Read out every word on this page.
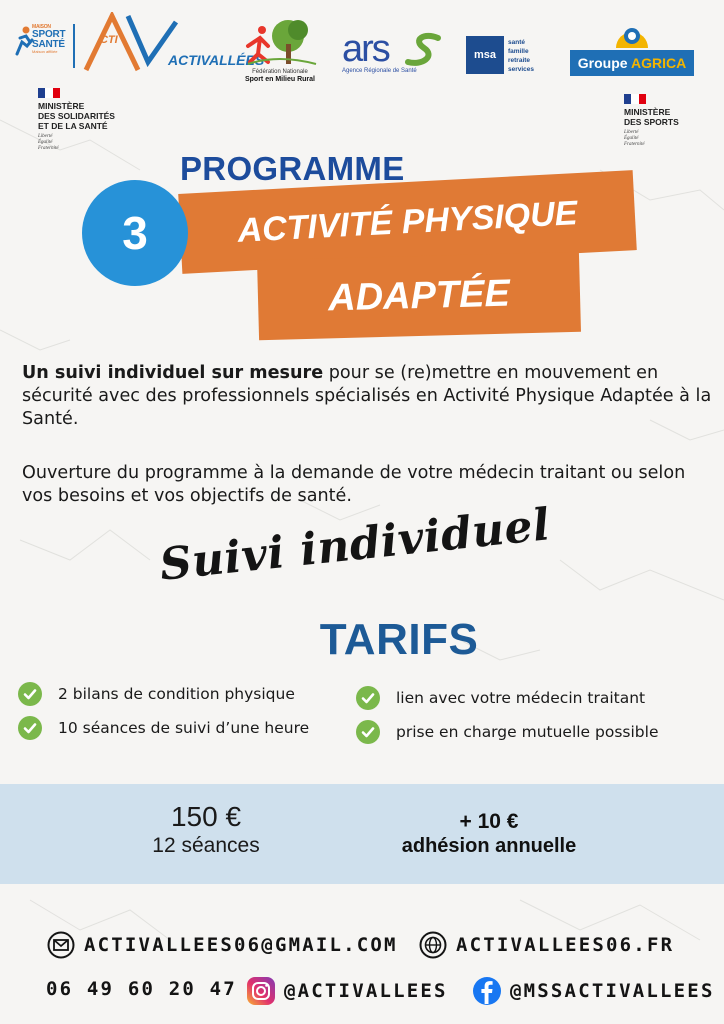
MAISON
SPORT
SANTÉ
Maison affiliée
CTI
ACTIVALLÉES
Fédération Nationale
Sport en Milieu Rural
ars
Agence Régionale de Santé
msa
santé
famille
retraite
services	Groupe AGRICA
MINISTÈRE
DES SOLIDARITÉS
ET DE LA SANTÉ
Liberté
Égalité
Fraternité
MINISTÈRE
DES SPORTS
Liberté
Égalité
Fraternité
PROGRAMME
ACTIVITÉ PHYSIQUE
ADAPTÉE
3
Un suivi individuel sur mesure pour se (re)mettre en mouvement en sécurité avec des professionnels spécialisés en Activité Physique Adaptée à la Santé.
Ouverture du programme à la demande de votre médecin traitant ou selon vos besoins et vos objectifs de santé.
Suivi individuel
TARIFS
2 bilans de condition physique
10 séances de suivi d’une heure
lien avec votre médecin traitant
prise en charge mutuelle possible
150 €
12 séances
+ 10 €
adhésion annuelle
ACTIVALLEES06@GMAIL.COM	ACTIVALLEES06.FR
06 49 60 20 47 @ACTIVALLEES	@MSSACTIVALLEES
